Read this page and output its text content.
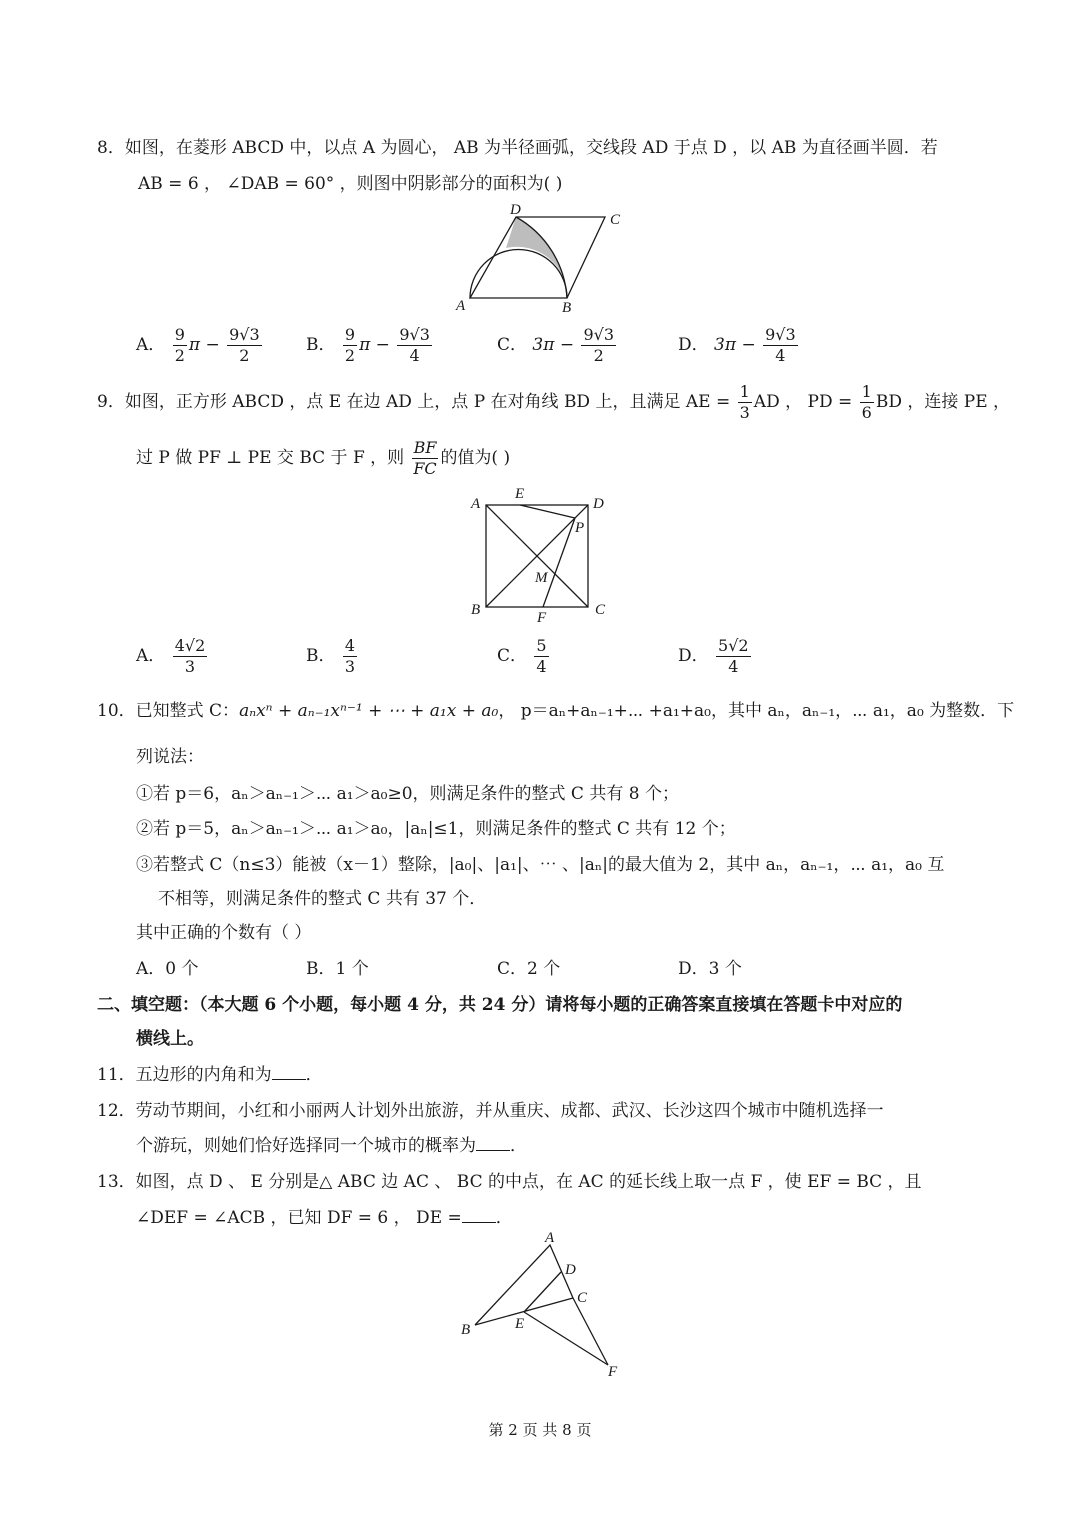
8．如图，在菱形 ABCD 中，以点 A 为圆心， AB 为半径画弧，交线段 AD 于点 D ，以 AB 为直径画半圆．若
AB = 6 ， ∠DAB = 60° ，则图中阴影部分的面积为( )
D
C
A	B
A． $\frac{9}{2}$ $\pi - \frac{9√3}{2}$	B． $\frac{9}{2}$ $\pi - \frac{9√3}{4}$	C． $3\pi - \frac{9√3}{2}$	D． $3\pi - \frac{9√3}{4}$
9．如图，正方形 ABCD ，点 E 在边 AD 上，点 P 在对角线 BD 上，且满足 AE = $\frac{1}{3}$ AD ， PD = $\frac{1}{6}$ BD ，连接 PE ，
过 P 做 PF ⊥ PE 交 BC 于 F ，则 $\frac{BF}{FC}$ 的值为( )
A
E
D
P
M
B	F	C
A． $\frac{4√2}{3}$	B． $\frac{4}{3}$	C． $\frac{5}{4}$	D． $\frac{5√2}{4}$
10．已知整式 C：aₙxⁿ + aₙ₋₁xⁿ⁻¹ + ⋯ + a₁x + a₀， p＝aₙ+aₙ₋₁+⋯ +a₁+a₀，其中 aₙ，aₙ₋₁，⋯ a₁，a₀ 为整数．下
列说法：
①若 p＝6，aₙ＞aₙ₋₁＞⋯ a₁＞a₀≥0，则满足条件的整式 C 共有 8 个；
②若 p＝5，aₙ＞aₙ₋₁＞⋯ a₁＞a₀，|aₙ|≤1，则满足条件的整式 C 共有 12 个；
③若整式 C（n≤3）能被（x－1）整除，|a₀|、|a₁|、⋯ 、|aₙ|的最大值为 2，其中 aₙ，aₙ₋₁，⋯ a₁，a₀ 互
不相等，则满足条件的整式 C 共有 37 个．
其中正确的个数有（ ）
A．0 个	B．1 个	C．2 个	D．3 个
二、填空题：（本大题 6 个小题，每小题 4 分，共 24 分）请将每小题的正确答案直接填在答题卡中对应的
横线上。
11．五边形的内角和为 ．
12．劳动节期间，小红和小丽两人计划外出旅游，并从重庆、成都、武汉、长沙这四个城市中随机选择一
个游玩，则她们恰好选择同一个城市的概率为 ．
13．如图，点 D 、 E 分别是△ ABC 边 AC 、 BC 的中点，在 AC 的延长线上取一点 F ，使 EF = BC ，且
∠DEF = ∠ACB ，已知 DF = 6 ， DE = ．
A
D
C
B	E
F
第 2 页 共 8 页
